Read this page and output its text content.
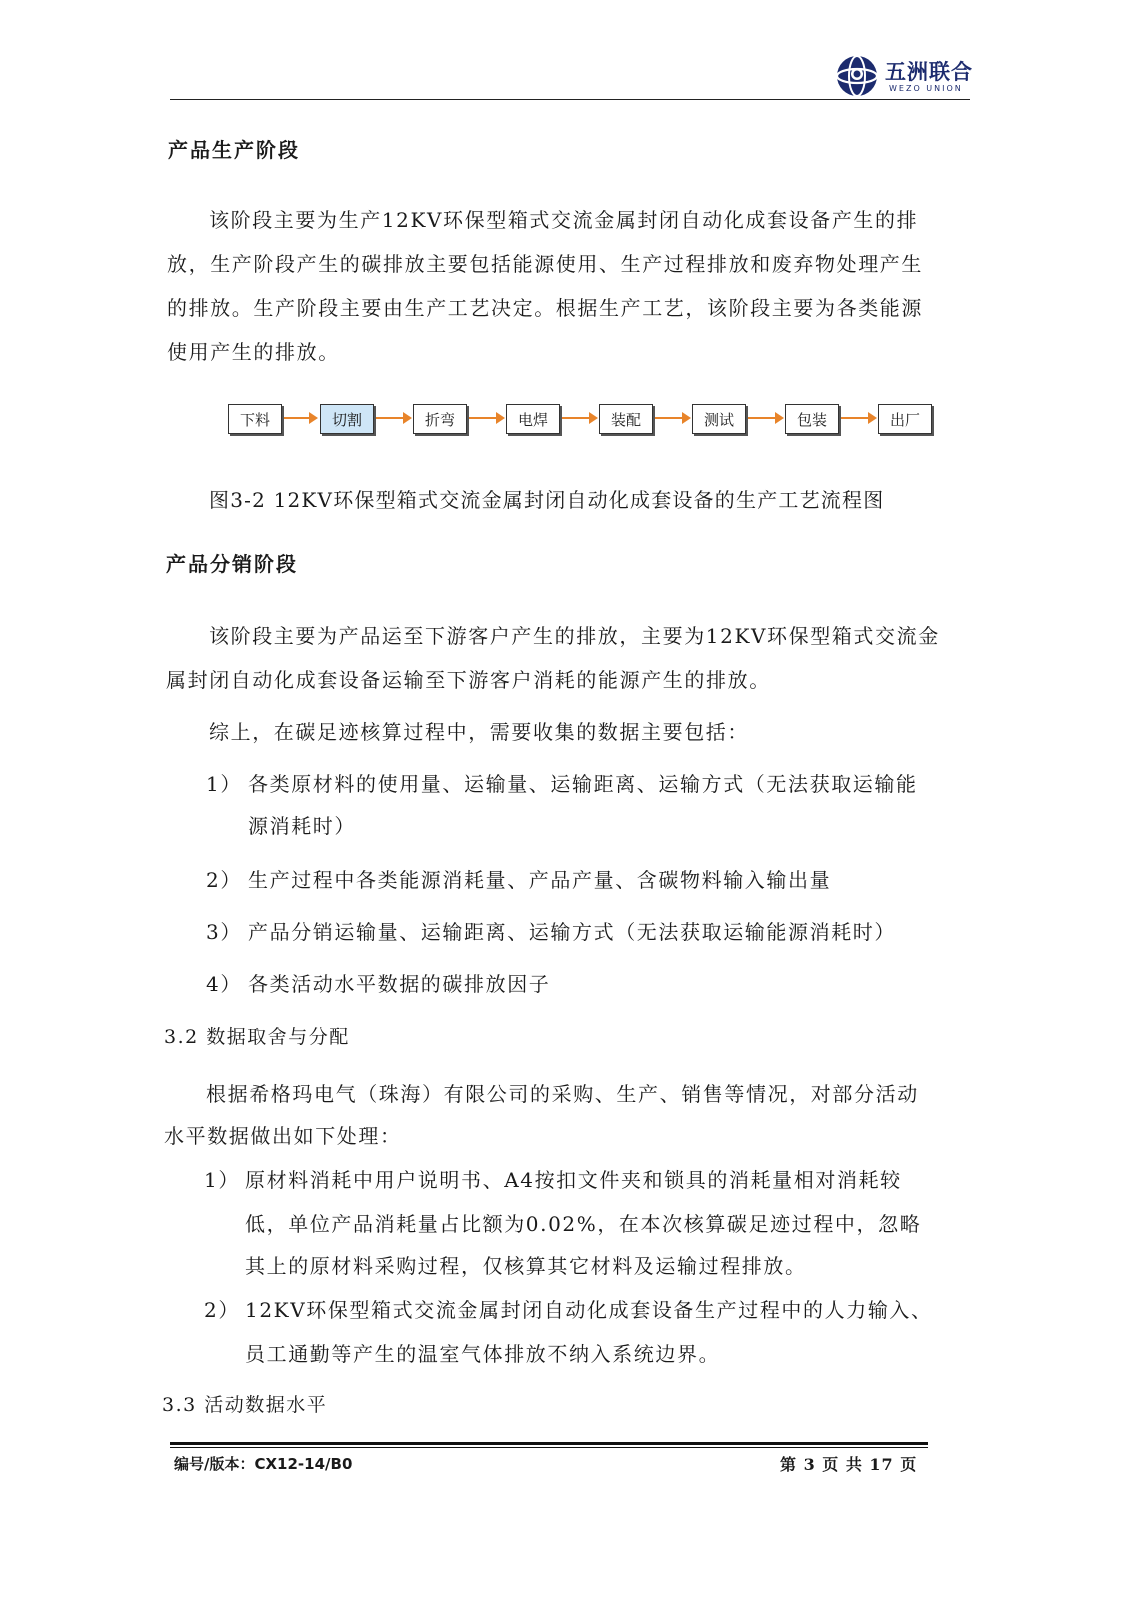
五洲联合
WEZO UNION
产品生产阶段
该阶段主要为生产12KV环保型箱式交流金属封闭自动化成套设备产生的排
放，生产阶段产生的碳排放主要包括能源使用、生产过程排放和废弃物处理产生
的排放。生产阶段主要由生产工艺决定。根据生产工艺，该阶段主要为各类能源
使用产生的排放。
下料	切割	折弯	电焊	装配	测试	包装	出厂
图3-2 12KV环保型箱式交流金属封闭自动化成套设备的生产工艺流程图
产品分销阶段
该阶段主要为产品运至下游客户产生的排放，主要为12KV环保型箱式交流金
属封闭自动化成套设备运输至下游客户消耗的能源产生的排放。
综上，在碳足迹核算过程中，需要收集的数据主要包括：
1） 各类原材料的使用量、运输量、运输距离、运输方式（无法获取运输能
源消耗时）
2） 生产过程中各类能源消耗量、产品产量、含碳物料输入输出量
3） 产品分销运输量、运输距离、运输方式（无法获取运输能源消耗时）
4） 各类活动水平数据的碳排放因子
3.2 数据取舍与分配
根据希格玛电气（珠海）有限公司的采购、生产、销售等情况，对部分活动
水平数据做出如下处理：
1） 原材料消耗中用户说明书、A4按扣文件夹和锁具的消耗量相对消耗较
低，单位产品消耗量占比额为0.02%，在本次核算碳足迹过程中，忽略
其上的原材料采购过程，仅核算其它材料及运输过程排放。
2） 12KV环保型箱式交流金属封闭自动化成套设备生产过程中的人力输入、
员工通勤等产生的温室气体排放不纳入系统边界。
3.3 活动数据水平
编号/版本：CX12-14/B0	第 3 页 共 17 页
